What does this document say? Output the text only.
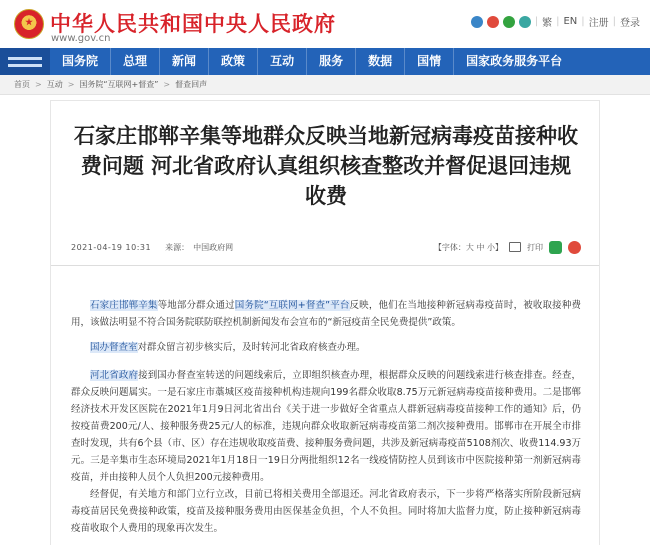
中华人民共和国中央人民政府
www.gov.cn
| 繁 | EN | 注册 | 登录
国务院	总理	新闻	政策	互动	服务	数据	国情	国家政务服务平台
首页 > 互动 > 国务院“互联网+督查” > 督查回声
石家庄邯郸辛集等地群众反映当地新冠病毒疫苗接种收费问题 河北省政府认真组织核查整改并督促退回违规收费
2021-04-19 10:31 来源： 中国政府网	【字体：大 中 小】	打印
石家庄邯郸辛集等地部分群众通过国务院“互联网+督查”平台反映，他们在当地接种新冠病毒疫苗时，被收取接种费用，该做法明显不符合国务院联防联控机制新闻发布会宣布的“新冠疫苗全民免费提供”政策。
国办督查室对群众留言初步核实后，及时转河北省政府核查办理。
河北省政府接到国办督查室转送的问题线索后，立即组织核查办理，根据群众反映的问题线索进行核查排查。经查，群众反映问题属实。一是石家庄市藁城区疫苗接种机构违规向199名群众收取8.75万元新冠病毒疫苗接种费用。二是邯郸经济技术开发区医院在2021年1月9日河北省出台《关于进一步做好全省重点人群新冠病毒疫苗接种工作的通知》后，仍按疫苗费200元/人、接种服务费25元/人的标准，违规向群众收取新冠病毒疫苗第二剂次接种费用。邯郸市在开展全市排查时发现，共有6个县（市、区）存在违规收取疫苗费、接种服务费问题，共涉及新冠病毒疫苗5108剂次、收费114.93万元。三是辛集市生态环境局2021年1月18日一19日分两批组织12名一线疫情防控人员到该市中医院接种第一剂新冠病毒疫苗，并由接种人员个人负担200元接种费用。
经督促，有关地方和部门立行立改，目前已将相关费用全部退还。河北省政府表示，下一步将严格落实所阶段新冠病毒疫苗居民免费接种政策，疫苗及接种服务费用由医保基金负担，个人不负担。同时将加大监督力度，防止接种新冠病毒疫苗收取个人费用的现象再次发生。
